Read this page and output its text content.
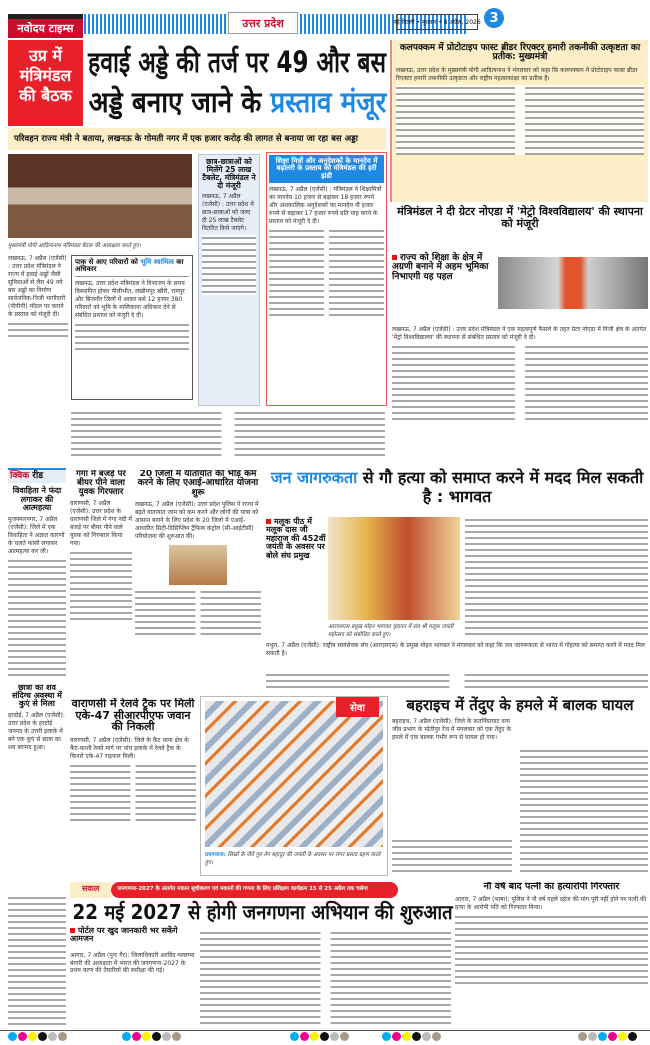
नवोदय टाइम्स	उत्तर प्रदेश	नई दिल्ली • बुधवार • 8 अप्रैल, 2026 3
उप्र में मंत्रिमंडल की बैठक
हवाई अड्डे की तर्ज पर 49 और बस
अड्डे बनाए जाने के प्रस्ताव मंजूर
परिवहन राज्य मंत्री ने बताया, लखनऊ के गोमती नगर में एक हजार करोड़ की लागत से बनाया जा रहा बस अड्डा
मुख्यमंत्री योगी आदित्यनाथ मंत्रिमंडल बैठक की अध्यक्षता करते हुए।
लखनऊ, 7 अप्रैल (एजेंसी) : उत्तर प्रदेश मंत्रिमंडल ने राज्य में हवाई अड्डों जैसी सुविधाओं से लैस 49 नये बस अड्डों का निर्माण सार्वजनिक-निजी भागीदारी (पीपीपी) मॉडल पर कराने के प्रस्ताव को मंजूरी दी।
छात्र-छात्राओं को मिलेंगे 25 लाख टैबलेट, मंत्रिमंडल ने दी मंजूरी
लखनऊ, 7 अप्रैल (एजेंसी) : उत्तर प्रदेश में छात्र-छात्राओं को जल्द ही 25 लाख टैबलेट वितरित किये जाएंगे।
शिक्षा मित्रों और अनुदेशकों के मानदेय में बढ़ोतरी के प्रस्ताव को मंत्रिमंडल की हरी झंडी
लखनऊ, 7 अप्रैल (एजेंसी) : मंत्रिमंडल ने शिक्षामित्रों का मानदेय 10 हजार से बढ़ाकर 18 हजार रुपये और अंशकालिक अनुदेशकों का मानदेय नौ हजार रुपये से बढ़ाकर 17 हजार रुपये प्रति माह करने के प्रस्ताव को मंजूरी दे दी।
पाक से आए परिवारों को भूमि स्वामित्व का अधिकार
लखनऊ, उत्तर प्रदेश मंत्रिमंडल ने विभाजन के समय विस्थापित होकर पीलीभीत, लखीमपुर खीरी, रामपुर और बिजनौर जिलों में आकर बसे 12 हजार 380 परिवारों को भूमि के मालिकाना अधिकार देने से संबंधित प्रस्ताव को मंजूरी दे दी।
कलपक्कम में प्रोटोटाइप फास्ट ब्रीडर रिएक्टर हमारी तकनीकी उत्कृष्टता का प्रतीक: मुख्यमंत्री
लखनऊ, उत्तर प्रदेश के मुख्यमंत्री योगी आदित्यनाथ ने मंगलवार को कहा कि कलपक्कम में प्रोटोटाइप फास्ट ब्रीडर रिएक्टर हमारी तकनीकी उत्कृष्टता और राष्ट्रीय महत्वाकांक्षा का प्रतीक है।
मंत्रिमंडल ने दी ग्रेटर नोएडा में 'मेट्रो विश्वविद्यालय' की स्थापना को मंजूरी
राज्य को शिक्षा के क्षेत्र में अग्रणी बनाने में अहम भूमिका निभाएगी यह पहल
लखनऊ, 7 अप्रैल (एजेंसी) : उत्तर प्रदेश मंत्रिमंडल ने एक महत्वपूर्ण फैसले के तहत ग्रेटर नोएडा में निजी क्षेत्र के अंतर्गत 'मेट्रो विश्वविद्यालय' की स्थापना से संबंधित प्रस्ताव को मंजूरी दे दी।
क्विक रीड
विवाहिता ने फंदा लगाकर की आत्महत्या
मुजफ्फरनगर, 7 अप्रैल (एजेंसी): जिले में एक विवाहिता ने अज्ञात कारणों के चलते फांसी लगाकर आत्महत्या कर ली।
छात्रा का शव संदिग्ध अवस्था में कुएं से मिला
हरदोई, 7 अप्रैल (एजेंसी): उत्तर प्रदेश के हरदोई जनपद के उत्तरी इलाके में बने एक कुएं से छात्रा का शव बरामद हुआ।
गंगा में बजड़े पर बीयर पीने वाला युवक गिरफ्तार
वाराणसी, 7 अप्रैल (एजेंसी): उत्तर प्रदेश के वाराणसी जिले में गंगा नदी में बजड़े पर बीयर पीने वाले युवक को गिरफ्तार किया गया।
20 जिलों में यातायात की भीड़ कम करने के लिए एआई-आधारित योजना शुरू
लखनऊ, 7 अप्रैल (एजेंसी): उत्तर प्रदेश पुलिस ने राज्य में बढ़ते यातायात जाम को कम करने और लोगों की यात्रा को आसान बनाने के लिए प्रदेश के 20 जिलों में एआई-आधारित सिटी-डिसिप्लिन ट्रैफिक कंट्रोल (सी-आईटीसी) परियोजना की शुरुआत की।
जन जागरुकता से गौ हत्या को समाप्त करने में मदद मिल सकती है : भागवत
मलूक पीठ में मलूक दास जी महाराज की 452वीं जयंती के अवसर पर बोले संघ प्रमुख
आरएसएस प्रमुख मोहन भागवत वृंदावन में संत श्री मलूक जयंती महोत्सव को संबोधित करते हुए।
मथुरा, 7 अप्रैल (एजेंसी): राष्ट्रीय स्वयंसेवक संघ (आरएसएस) के प्रमुख मोहन भागवत ने मंगलवार को कहा कि जन जागरूकता से भारत में गोहत्या को समाप्त करने में मदद मिल सकती है।
वाराणसी में रेलवे ट्रैक पर मिली एके-47 सीआरपीएफ जवान की निकली
वाराणसी, 7 अप्रैल (एजेंसी): जिले के कैंट थाना क्षेत्र के कैंट-काशी रेलवे मार्ग पर पांच इलाके में रेलवे ट्रैक के किनारे एके-47 राइफल मिली।
प्रयागराज: सिखों के नौवें गुरु तेग बहादुर की जयंती के अवसर पर लंगर प्रसाद ग्रहण करते हुए।
सेवा	बहराइच में तेंदुए के हमले में बालक घायल
बहराइच, 7 अप्रैल (एजेंसी): जिले के कतर्नियाघाट वन्य जीव प्रभाग के मोतीपुर रेंज में मंगलवार को एक तेंदुए के हमले में एक बालक गंभीर रूप से घायल हो गया।
सवाल	जनगणना-2027 के अंतर्गत मकान सूचीकरण एवं मकानों की गणना के लिए प्रशिक्षण कार्यक्रम 15 से 25 अप्रैल तक चलेगा
22 मई 2027 से होगी जनगणना अभियान की शुरुआत
पोर्टल पर खुद जानकारी भर सकेंगे आमजन
आगरा, 7 अप्रैल (पुनः गैर): जिलाधिकारी अरविंद मल्लप्पा बंगारी की अध्यक्षता में भारत की जनगणना-2027 के प्रथम चरण की तैयारियों की समीक्षा की गई।
नौ वर्ष बाद पत्नी का हत्यारोपी गिरफ्तार
आगरा, 7 अप्रैल (भाषा): पुलिस ने नौ वर्ष पहले दहेज की मांग पूरी नहीं होने पर पत्नी की हत्या के आरोपी पति को गिरफ्तार किया।
